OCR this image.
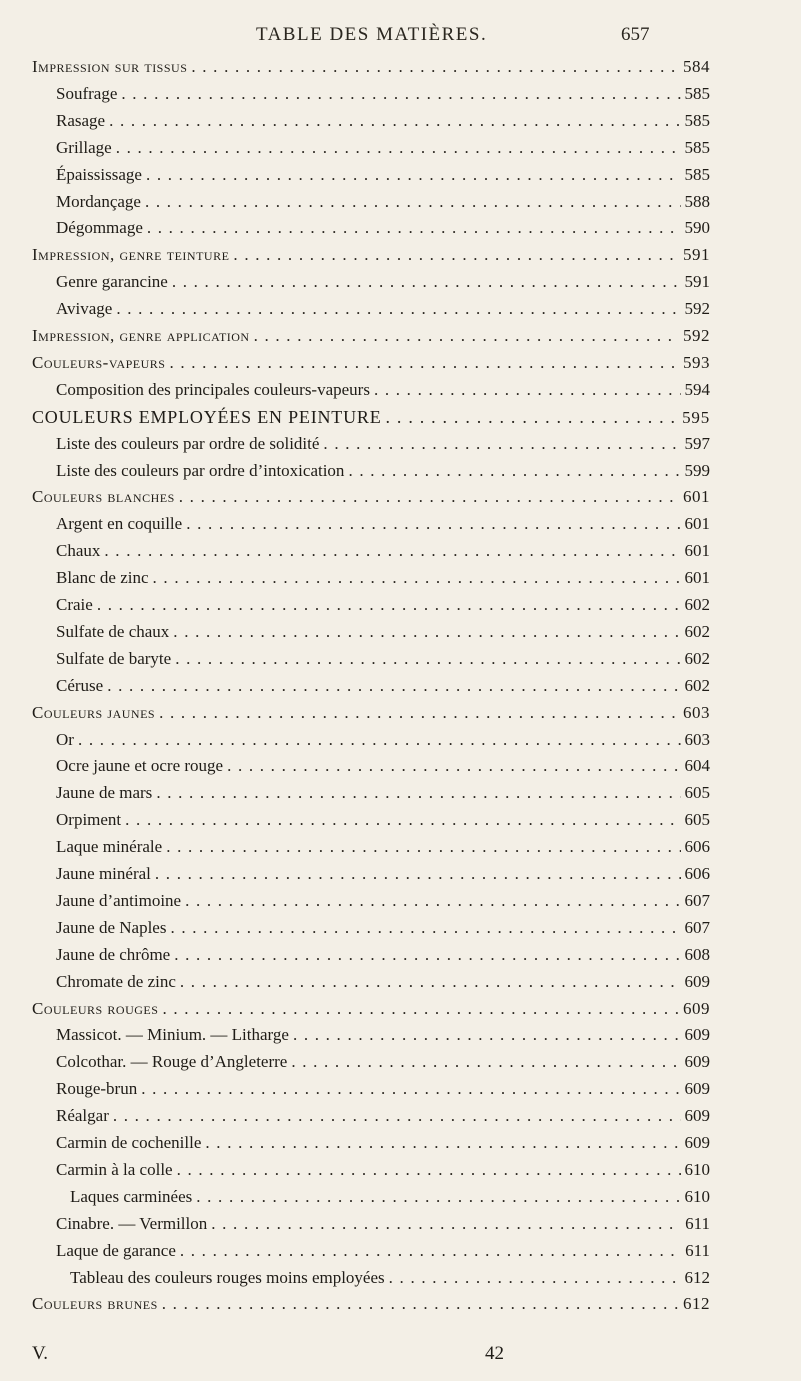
TABLE DES MATIÈRES.	657
Impression sur tissus . . .	584
Soufrage . . .	585
Rasage . . .	585
Grillage . . .	585
Épaississage . . .	585
Mordançage . . .	588
Dégommage . . .	590
Impression, genre teinture . . .	591
Genre garancine . . .	591
Avivage . . .	592
Impression, genre application . . .	592
Couleurs-vapeurs . . .	593
Composition des principales couleurs-vapeurs . . .	594
COULEURS EMPLOYÉES EN PEINTURE . . .	595
Liste des couleurs par ordre de solidité . . .	597
Liste des couleurs par ordre d’intoxication . . .	599
Couleurs blanches . . .	601
Argent en coquille . . .	601
Chaux . . .	601
Blanc de zinc . . .	601
Craie . . .	602
Sulfate de chaux . . .	602
Sulfate de baryte . . .	602
Céruse . . .	602
Couleurs jaunes . . .	603
Or . . .	603
Ocre jaune et ocre rouge . . .	604
Jaune de mars . . .	605
Orpiment . . .	605
Laque minérale . . .	606
Jaune minéral . . .	606
Jaune d’antimoine . . .	607
Jaune de Naples . . .	607
Jaune de chrôme . . .	608
Chromate de zinc . . .	609
Couleurs rouges . . .	609
Massicot. — Minium. — Litharge . . .	609
Colcothar. — Rouge d’Angleterre . . .	609
Rouge-brun . . .	609
Réalgar . . .	609
Carmin de cochenille . . .	609
Carmin à la colle . . .	610
Laques carminées . . .	610
Cinabre. — Vermillon . . .	611
Laque de garance . . .	611
Tableau des couleurs rouges moins employées . . .	612
Couleurs brunes . . .	612
V.	42
